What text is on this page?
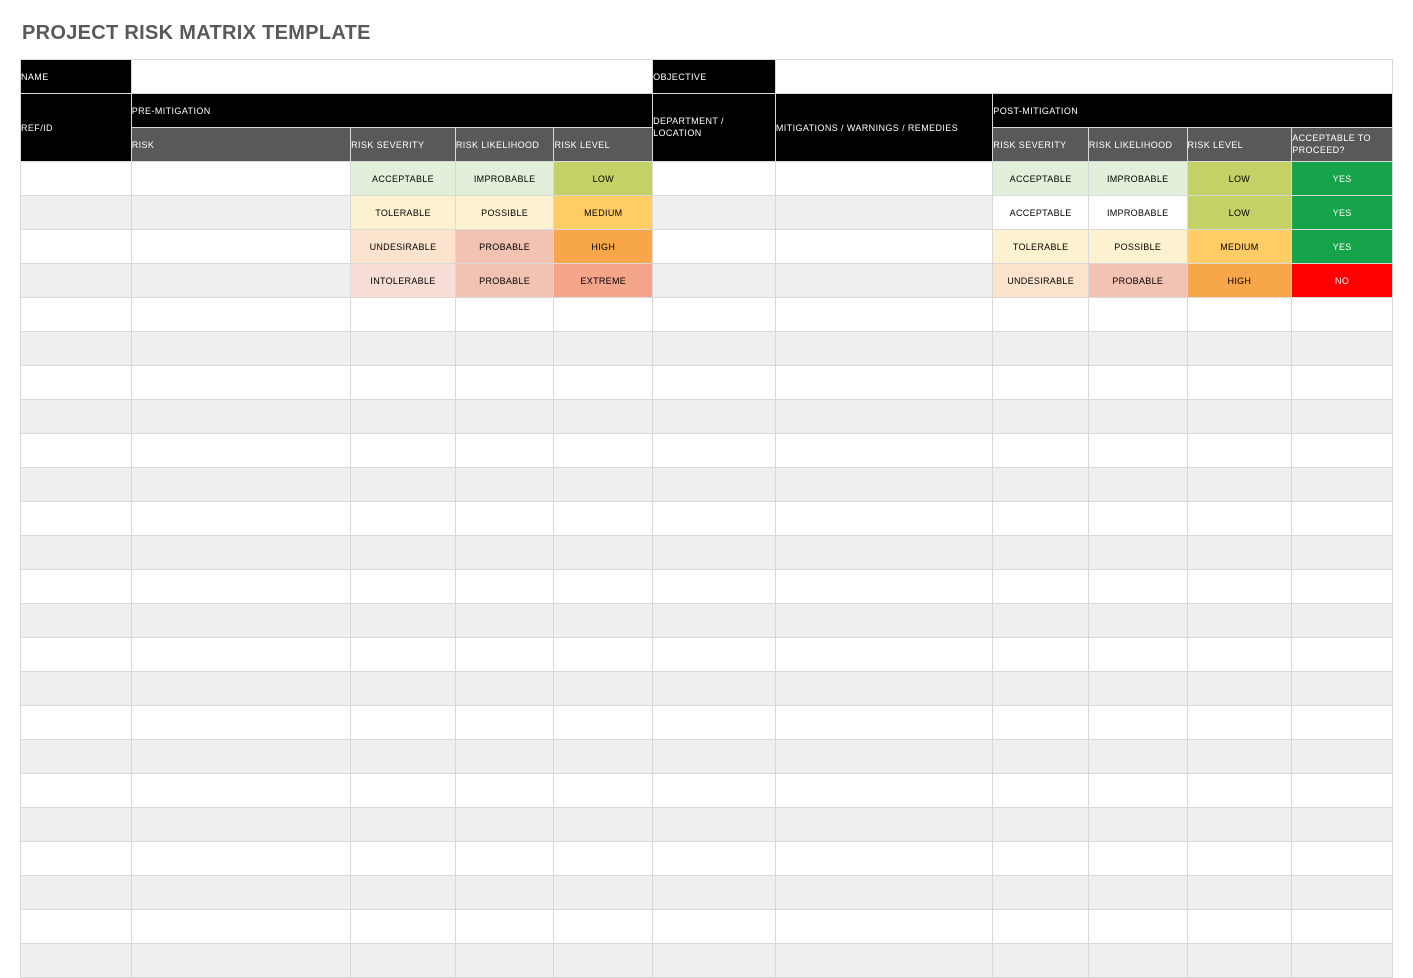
PROJECT RISK MATRIX TEMPLATE
NAME					OBJECTIVE					
REF/ID	PRE-MITIGATION				DEPARTMENT / LOCATION	MITIGATIONS / WARNINGS / REMEDIES	POST-MITIGATION			
	RISK	RISK SEVERITY	RISK LIKELIHOOD	RISK LEVEL			RISK SEVERITY	RISK LIKELIHOOD	RISK LEVEL	ACCEPTABLE TO PROCEED?
		ACCEPTABLE	IMPROBABLE	LOW			ACCEPTABLE	IMPROBABLE	LOW	YES
		TOLERABLE	POSSIBLE	MEDIUM			ACCEPTABLE	IMPROBABLE	LOW	YES
		UNDESIRABLE	PROBABLE	HIGH			TOLERABLE	POSSIBLE	MEDIUM	YES
		INTOLERABLE	PROBABLE	EXTREME			UNDESIRABLE	PROBABLE	HIGH	NO
